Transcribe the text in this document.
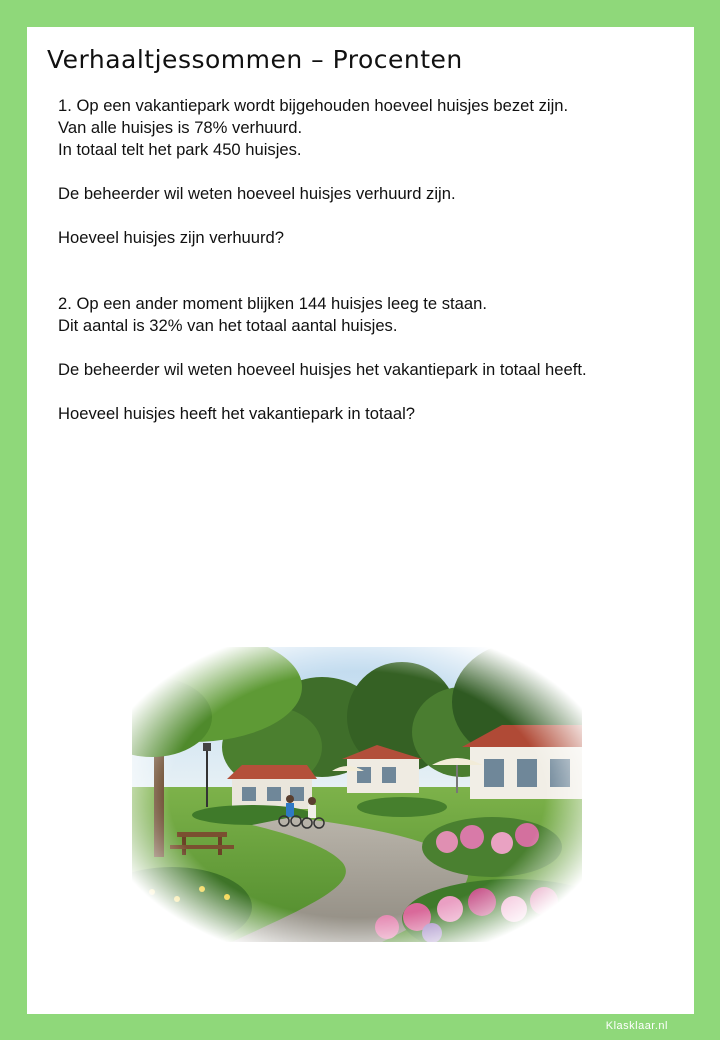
Verhaaltjessommen – Procenten

1. Op een vakantiepark wordt bijgehouden hoeveel huisjes bezet zijn.

Van alle huisjes is 78% verhuurd.

In totaal telt het park 450 huisjes.

De beheerder wil weten hoeveel huisjes verhuurd zijn.

Hoeveel huisjes zijn verhuurd?

2. Op een ander moment blijken 144 huisjes leeg te staan.

Dit aantal is 32% van het totaal aantal huisjes.

De beheerder wil weten hoeveel huisjes het vakantiepark in totaal heeft.

Hoeveel huisjes heeft het vakantiepark in totaal?

Klasklaar.nl
